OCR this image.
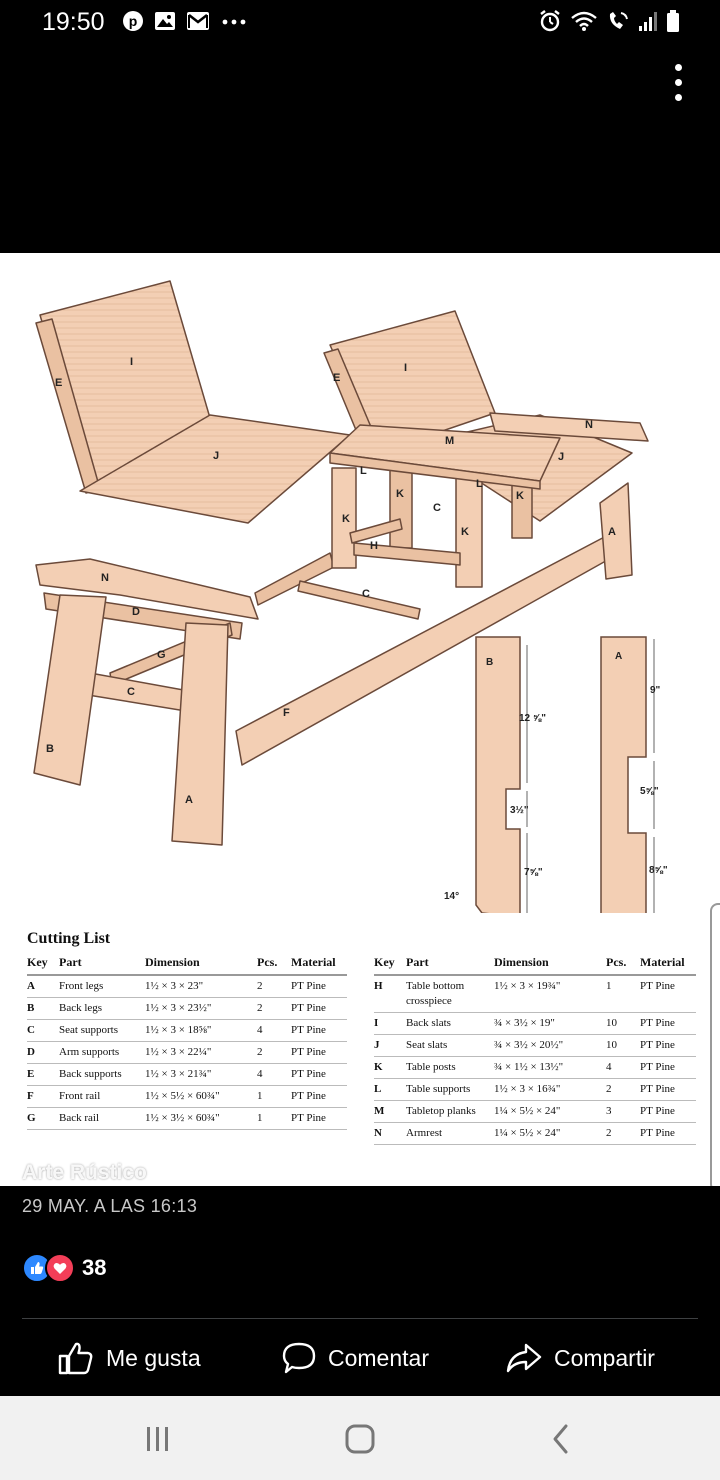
19:50 p
I
E
J
I
E
M
N
J
L
L
K	K
C
K
K
H
A
N
C
D
G
C
F
B
A
B
12 ⅝"
3½"
7⅝"
14°
A
9"
5⅝"
8⅝"
Cutting List
Key	Part	Dimension	Pcs.	Material
A	Front legs	1½ × 3 × 23"	2	PT Pine
B	Back legs	1½ × 3 × 23½"	2	PT Pine
C	Seat supports	1½ × 3 × 18⅝"	4	PT Pine
D	Arm supports	1½ × 3 × 22¼"	2	PT Pine
E	Back supports	1½ × 3 × 21¾"	4	PT Pine
F	Front rail	1½ × 5½ × 60¾"	1	PT Pine
G	Back rail	1½ × 3½ × 60¾"	1	PT Pine
Key	Part	Dimension	Pcs.	Material
H	Table bottom crosspiece	1½ × 3 × 19¾"	1	PT Pine
I	Back slats	¾ × 3½ × 19"	10	PT Pine
J	Seat slats	¾ × 3½ × 20½"	10	PT Pine
K	Table posts	¾ × 1½ × 13½"	4	PT Pine
L	Table supports	1½ × 3 × 16¾"	2	PT Pine
M	Tabletop planks	1¼ × 5½ × 24"	3	PT Pine
N	Armrest	1¼ × 5½ × 24"	2	PT Pine
Arte Rústico
29 MAY. A LAS 16:13
38
Me gusta	Comentar	Compartir
